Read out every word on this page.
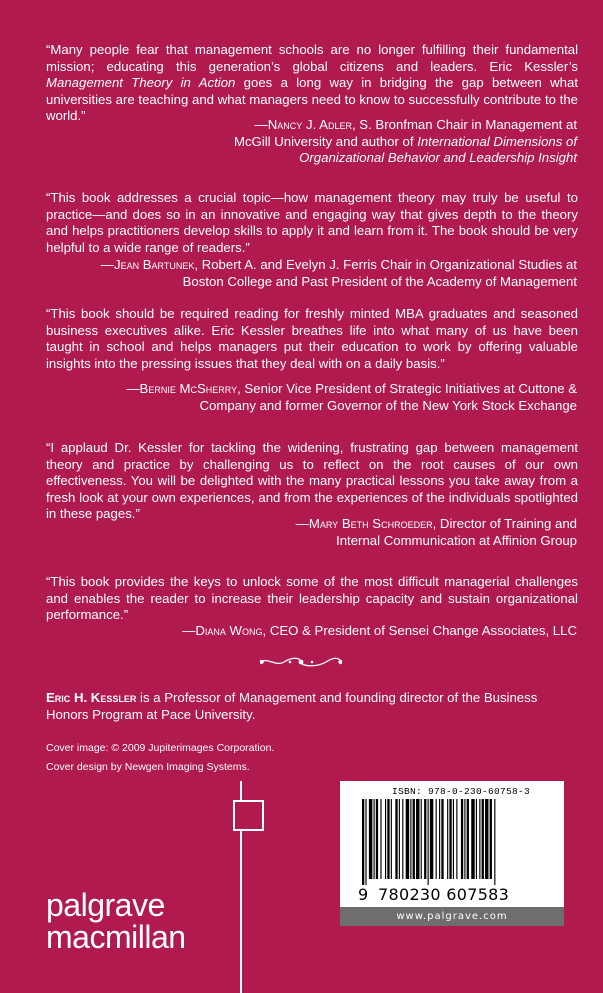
“Many people fear that management schools are no longer fulfilling their fundamental mission; educating this generation’s global citizens and leaders. Eric Kessler’s Management Theory in Action goes a long way in bridging the gap between what universities are teaching and what managers need to know to successfully contribute to the world.”

—Nancy J. Adler, S. Bronfman Chair in Management at
McGill University and author of International Dimensions of
Organizational Behavior and Leadership Insight

“This book addresses a crucial topic—how management theory may truly be useful to practice—and does so in an innovative and engaging way that gives depth to the theory and helps practitioners develop skills to apply it and learn from it. The book should be very helpful to a wide range of readers.”

—Jean Bartunek, Robert A. and Evelyn J. Ferris Chair in Organizational Studies at
Boston College and Past President of the Academy of Management

“This book should be required reading for freshly minted MBA graduates and seasoned business executives alike. Eric Kessler breathes life into what many of us have been taught in school and helps managers put their education to work by offering valuable insights into the pressing issues that they deal with on a daily basis.”

—Bernie McSherry, Senior Vice President of Strategic Initiatives at Cuttone &
Company and former Governor of the New York Stock Exchange

“I applaud Dr. Kessler for tackling the widening, frustrating gap between management theory and practice by challenging us to reflect on the root causes of our own effectiveness. You will be delighted with the many practical lessons you take away from a fresh look at your own experiences, and from the experiences of the individuals spotlighted in these pages.”

—Mary Beth Schroeder, Director of Training and
Internal Communication at Affinion Group

“This book provides the keys to unlock some of the most difficult managerial challenges and enables the reader to increase their leadership capacity and sustain organizational performance.”

—Diana Wong, CEO & President of Sensei Change Associates, LLC
Eric H. Kessler is a Professor of Management and founding director of the Business Honors Program at Pace University.
Cover image: © 2009 Jupiterimages Corporation.
Cover design by Newgen Imaging Systems.
palgrave
macmillan
ISBN: 978-0-230-60758-3
9 780230 607583
www.palgrave.com
